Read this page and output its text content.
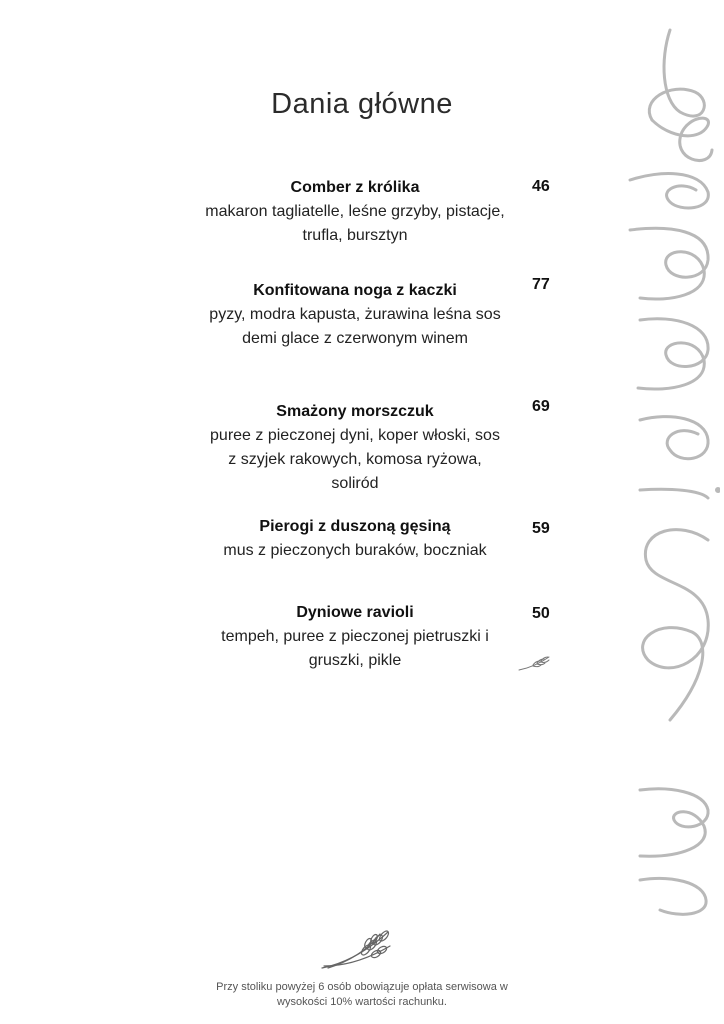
Dania główne
Comber z królika
makaron tagliatelle, leśne grzyby, pistacje,
trufla, bursztyn
46
Konfitowana noga z kaczki
pyzy, modra kapusta, żurawina leśna sos
demi glace z czerwonym winem
77
Smażony morszczuk
puree z pieczonej dyni, koper włoski, sos
z szyjek rakowych, komosa ryżowa,
soliród
69
Pierogi z duszoną gęsiną
mus z pieczonych buraków, boczniak
59
Dyniowe ravioli
tempeh, puree z pieczonej pietruszki i
gruszki, pikle
50
Przy stoliku powyżej 6 osób obowiązuje opłata serwisowa w
wysokości 10% wartości rachunku.
